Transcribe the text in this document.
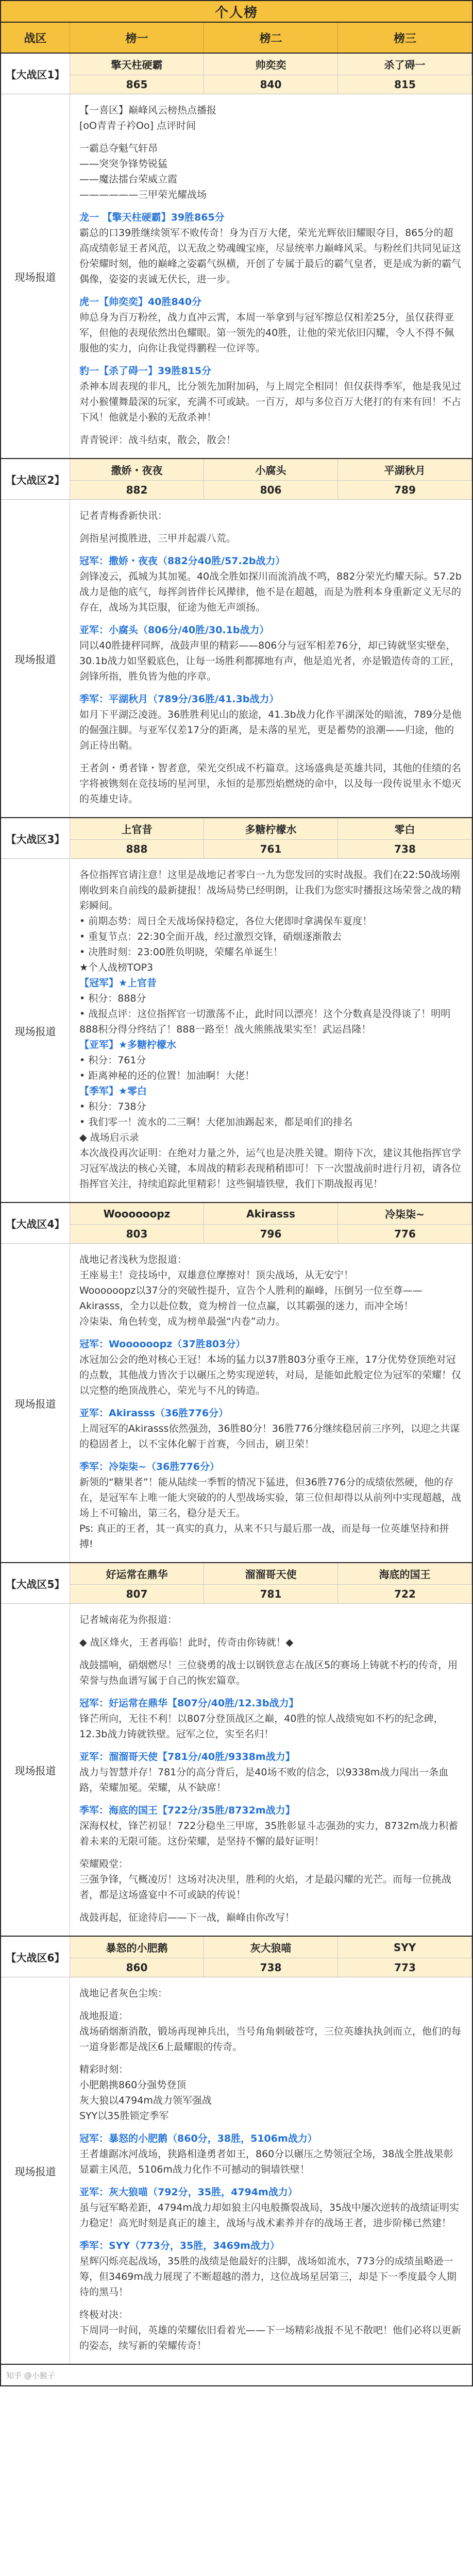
个人榜
战区	榜一	榜二	榜三
【大战区1】
擎天柱硬霸	帅奕奕	杀了碍一
865	840	815
现场报道

【一喜区】巅峰风云榜热点播报

[oO青青子衿Oo] 点评时间

一霸总夺魁气轩昂

——突突争锋势锐猛

——魔法擂台荣威立霞

——————三甲荣光耀战场

龙一 【擎天柱硬霸】39胜865分

霸总的口39胜继续领军不败传奇！身为百万大佬，荣光光辉依旧耀眼夺目，865分的超高成绩彰显王者风范，以无敌之势魂魄宝座，尽显统率力巅峰风采。与粉丝们共同见证这份荣耀时刻，他的巅峰之姿霸气纵横，开创了专属于最后的霸气皇者，更是成为新的霸气偶像，姿姿的衷诚无伏长，进一步。

虎一【帅奕奕】40胜840分

帅总身为百万粉丝，战力直冲云霄，本周一举拿到与冠军擦总仅相差25分，虽仅获得亚军，但他的表现依然出色耀眼。第一领先的40胜，让他的荣光依旧闪耀，令人不得不佩服他的实力，向你让我觉得鹏程一位评等。

豹一【杀了碍一】39胜815分

杀神本周表现的非凡，比分领先加附加码，与上周完全相同！但仅获得季军，他是我见过对小猴懂舞最深的玩家，充满不可或缺。一百万，却与多位百万大佬打的有来有回！不占下风！他就是小猴的无敌杀神！

青青锐评：战斗结束，散会，散会！

【大战区2】
撒娇・夜夜	小腐头	平湖秋月
882	806	789
现场报道

记者青梅香新快讯：

剑指星河揽胜进，三甲并起震八荒。

冠军：撒娇・夜夜（882分40胜/57.2b战力）

剑锋凌云，孤城为其加冕。40战全胜如探川而流消战不鸣，882分荣光灼耀天际。57.2b战力是他的底气，每挥剑皆伴长风撵律，他不是在超越，而是为胜利本身重新定义无尽的存在，战场为其臣服，征途为他无声颂扬。

亚军：小腐头（806分/40胜/30.1b战力）

同以40胜捷秤同辉，战鼓声里的精彩——806分与冠军相差76分，却已铸就坚实壁垒，30.1b战力如坚毅底色，让每一场胜利都掷地有声，他是追光者，亦是锻造传奇的工匠，剑锋所指，胜负皆为他的序章。

季军：平湖秋月（789分/36胜/41.3b战力）

如月下平湖泛凌涟。36胜胜利见山的旅途，41.3b战力化作平湖深处的暗流，789分是他的倔强注脚。与亚军仅差17分的距离，是未落的星光，更是蓄势的浪潮——归途，他的剑正待出鞘。

王者剑・勇者锋・智者意，荣光交织成不朽篇章。这场盛典是英雄共同，其他的佳绩的名字将被镌刻在竞技场的星河里，永恒的是那烈焰燃烧的命中，以及每一段传说里永不熄灭的英雄史诗。

【大战区3】
上官昔	多糖柠檬水	零白
888	761	738
现场报道

各位指挥官请注意！这里是战地记者零白一九为您发回的实时战报。我们在22:50战场刚刚收到来自前线的最新捷报！战场局势已经明朗，让我们为您实时播报这场荣誉之战的精彩瞬间。

• 前期态势：周日全天战场保持稳定，各位大佬即时拿满保车夏度！

• 重复节点：22:30全面开战，经过激烈交锋，硝烟逐渐散去

• 决胜时刻：23:00胜负明晓，荣耀名单诞生！

★个人战榜TOP3

【冠军】★上官昔

• 积分：888分

• 战报点评：这位指挥官一切激荡不止，此时同以漂亮！这个分数真是没得谈了！明明888积分得分终结了！888一路至！战火熊熊战果实至！武运昌隆！

【亚军】★多糖柠檬水

• 积分：761分

• 距离神秘的还的位置！加油啊！大佬！

【季军】★零白

• 积分：738分

• 我们零一！流水的二三啊！大佬加油踢起来，都是咱们的排名

◆ 战场启示录

本次战役再次证明：在绝对力量之外，运气也是决胜关键。期待下次，建议其他指挥官学习冠军战法的核心关键，本周战的精彩表现稍稍即可！下一次盟战前时进行月初，请各位指挥官关注，持续追踪此里精彩！这些铜墙铁壁，我们下期战报再见！

【大战区4】
Woooooopz	Akirasss	冷柒柒~
803	796	776
现场报道

战地记者浅秋为您报道：

王座易主！竞技场中，双雄意位摩擦对！顶尖战场，从无安宁！

Woooooopz以37分的突破性提升，宣告个人胜利的巅峰，压倒另一位至尊——Akirasss，全力以赴位数，竟为榜首一位点赢，以其霸强的迷力，而冲全场！

冷柒柒、角色转变，成为榜单最强“内卷”动力。

冠军：Woooooopz（37胜803分）

冰冠加公会的绝对核心王冠！本场的猛力以37胜803分重夺王座，17分优势登顶绝对冠的点数，其他战力皆次于以碾压之势实现逆转，对局，是能如此般定位为冠军的荣耀！仅以完整的绝顶战胜心，荣光与不凡的铸造。

亚军：Akirasss（36胜776分）

上周冠军的Akirasss依然强劲，36胜80分！36胜776分继续稳居前三序列，以迎之共谋的稳固者上，以不宝体化解于首赛，今回击，刷卫荣！

季军：冷柒柒~（36胜776分）

新领的“糖果者”！能从陆续一季暂的情况下猛进，但36胜776分的成绩依然硬，他的存在，是冠军车上唯一能大突破的的人型战场实验，第三位但却得以从前列中实现超越，战场上不可输出，第三名，稳分是天王。

Ps: 真正的王者，其一真实的真力，从来不只与最后那一战，而是每一位英雄坚持和拼搏!

【大战区5】
好运常在鼎华	溜溜哥天使	海底的国王
807	781	722
现场报道

记者城南花为你报道：

◆ 战区烽火，王者再临！此时，传奇由你铸就！◆

战鼓擂响，硝烟燃尽！三位骁勇的战士以钢铁意志在战区5的赛场上铸就不朽的传奇，用荣誉与热血谱写属于自己的恢宏篇章。

冠军：好运常在鼎华【807分/40胜/12.3b战力】

锋芒所向，无往不利！以807分登顶战区之巅，40胜的惊人战绩宛如不朽的纪念碑，12.3b战力铸就铁壁。冠军之位，实至名归！

亚军：溜溜哥天使【781分/40胜/9338m战力】

战力与智慧并存！781分的高分背后，是40场不败的信念，以9338m战力闯出一条血路，荣耀加冕。荣耀，从不缺席！

季军：海底的国王【722分/35胜/8732m战力】

深海权杖，锋芒初显！722分稳坐三甲席，35胜彰显斗志强劲的实力，8732m战力积蓄着未来的无限可能。这份荣耀，是坚持不懈的最好证明！

荣耀殿堂：

三强争锋，气概凌厉！这场对决决里，胜利的火焰，才是最闪耀的光芒。而每一位挑战者，都是这场盛宴中不可或缺的传说！

战鼓再起，征途待启——下一战，巅峰由你改写！

【大战区6】
暴怒的小肥鹅	灰大狼喵	SYY
860	738	773
现场报道

战地记者灰色尘埃：

战地报道：

战场硝烟渐消散，锻场再现神兵出，当号角角刺破苍穹，三位英雄执执剑而立，他们的每一道身影都是战区6上最耀眼的传奇。

精彩时刻：

小肥鹅携860分强势登顶

灰大狼以4794m战力领军强战

SYY以35胜锁定季军

冠军：暴怒的小肥鹅（860分，38胜，5106m战力）

王者雄踞冰河战场，狭路相逢勇者如王，860分以碾压之势领冠全场，38战全胜战果彰显霸主风范，5106m战力化作不可撼动的铜墙铁壁！

亚军：灰大狼喵（792分，35胜，4794m战力）

虽与冠军略差距，4794m战力却如狼主闪电般撕裂战局，35战中屡次逆转的战绩证明实力稳定！高光时刻是真正的雄主，战场与战术素养并存的战场王者，进步阶梯已然建！

季军：SYY（773分，35胜，3469m战力）

星辉闪烁亮起战场，35胜的战绩是他最好的注脚，战场如流水，773分的成绩虽略逊一筹，但3469m战力展现了不断超越的潜力，这位战场星居第三，却是下一季度最令人期待的黑马！

终极对决：

下周同一时间，英雄的荣耀依旧看着光——下一场精彩战报不见不散吧！他们必将以更新的姿态，续写新的荣耀传奇！

知乎 @小猴子
